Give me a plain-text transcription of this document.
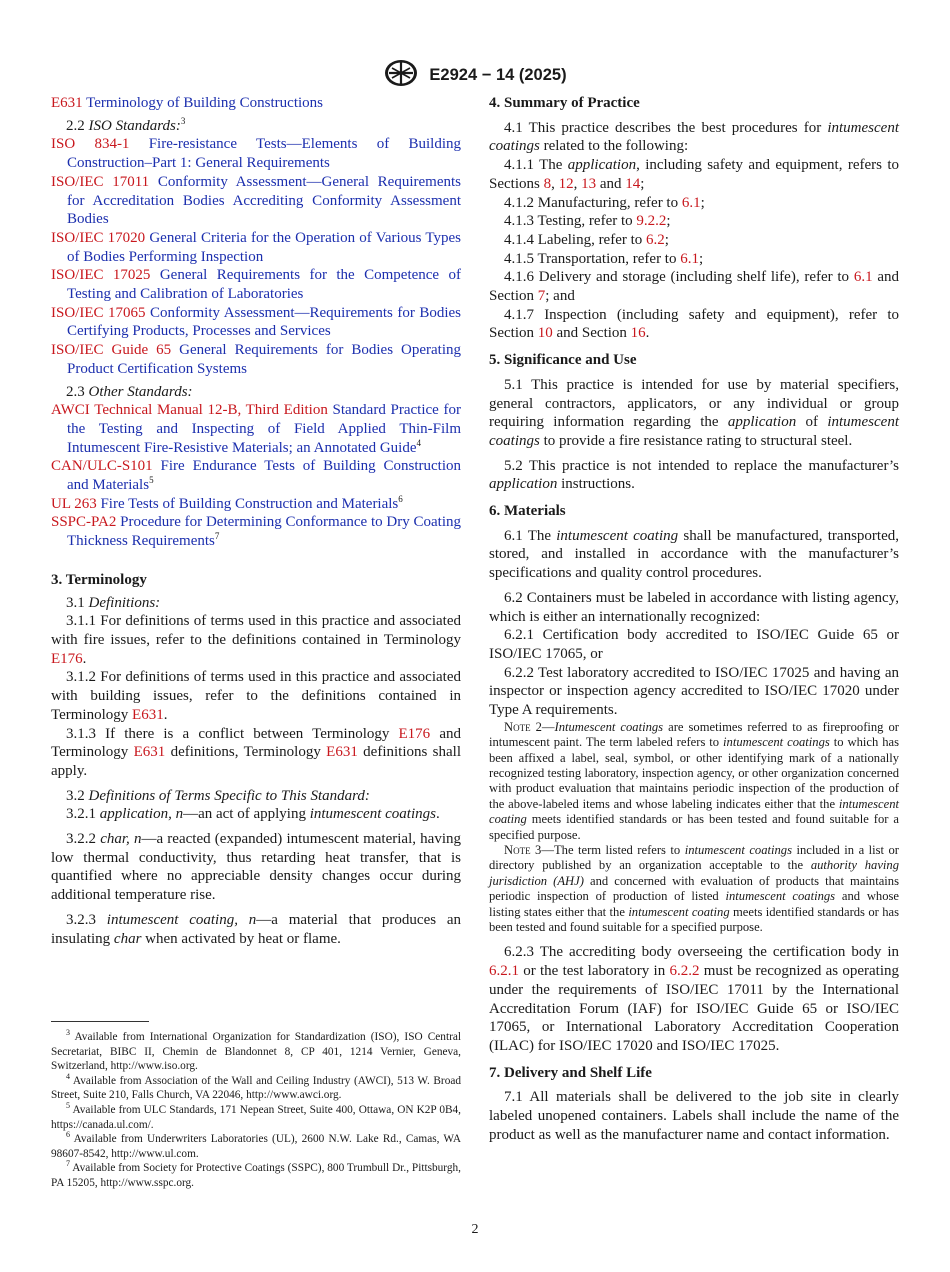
E2924 − 14 (2025)

E631 Terminology of Building Constructions

2.2 ISO Standards:$^3$

ISO 834-1 Fire-resistance Tests—Elements of Building Construction–Part 1: General Requirements

ISO/IEC 17011 Conformity Assessment—General Requirements for Accreditation Bodies Accrediting Conformity Assessment Bodies

ISO/IEC 17020 General Criteria for the Operation of Various Types of Bodies Performing Inspection

ISO/IEC 17025 General Requirements for the Competence of Testing and Calibration of Laboratories

ISO/IEC 17065 Conformity Assessment—Requirements for Bodies Certifying Products, Processes and Services

ISO/IEC Guide 65 General Requirements for Bodies Operating Product Certification Systems

2.3 Other Standards:

AWCI Technical Manual 12-B, Third Edition Standard Practice for the Testing and Inspecting of Field Applied Thin-Film Intumescent Fire-Resistive Materials; an Annotated Guide$^4$

CAN/ULC-S101 Fire Endurance Tests of Building Construction and Materials$^5$

UL 263 Fire Tests of Building Construction and Materials$^6$

SSPC-PA2 Procedure for Determining Conformance to Dry Coating Thickness Requirements$^7$

3. Terminology

3.1 Definitions:

3.1.1 For definitions of terms used in this practice and associated with fire issues, refer to the definitions contained in Terminology E176.

3.1.2 For definitions of terms used in this practice and associated with building issues, refer to the definitions contained in Terminology E631.

3.1.3 If there is a conflict between Terminology E176 and Terminology E631 definitions, Terminology E631 definitions shall apply.

3.2 Definitions of Terms Specific to This Standard:

3.2.1 application, n—an act of applying intumescent coatings.

3.2.2 char, n—a reacted (expanded) intumescent material, having low thermal conductivity, thus retarding heat transfer, that is quantified where no appreciable density changes occur during additional temperature rise.

3.2.3 intumescent coating, n—a material that produces an insulating char when activated by heat or flame.

$^3$ Available from International Organization for Standardization (ISO), ISO Central Secretariat, BIBC II, Chemin de Blandonnet 8, CP 401, 1214 Vernier, Geneva, Switzerland, http://www.iso.org.

$^4$ Available from Association of the Wall and Ceiling Industry (AWCI), 513 W. Broad Street, Suite 210, Falls Church, VA 22046, http://www.awci.org.

$^5$ Available from ULC Standards, 171 Nepean Street, Suite 400, Ottawa, ON K2P 0B4, https://canada.ul.com/.

$^6$ Available from Underwriters Laboratories (UL), 2600 N.W. Lake Rd., Camas, WA 98607-8542, http://www.ul.com.

$^7$ Available from Society for Protective Coatings (SSPC), 800 Trumbull Dr., Pittsburgh, PA 15205, http://www.sspc.org.

4. Summary of Practice

4.1 This practice describes the best procedures for intumescent coatings related to the following:

4.1.1 The application, including safety and equipment, refers to Sections 8, 12, 13 and 14;

4.1.2 Manufacturing, refer to 6.1;

4.1.3 Testing, refer to 9.2.2;

4.1.4 Labeling, refer to 6.2;

4.1.5 Transportation, refer to 6.1;

4.1.6 Delivery and storage (including shelf life), refer to 6.1 and Section 7; and

4.1.7 Inspection (including safety and equipment), refer to Section 10 and Section 16.

5. Significance and Use

5.1 This practice is intended for use by material specifiers, general contractors, applicators, or any individual or group requiring information regarding the application of intumescent coatings to provide a fire resistance rating to structural steel.

5.2 This practice is not intended to replace the manufacturer’s application instructions.

6. Materials

6.1 The intumescent coating shall be manufactured, transported, stored, and installed in accordance with the manufacturer’s specifications and quality control procedures.

6.2 Containers must be labeled in accordance with listing agency, which is either an internationally recognized:

6.2.1 Certification body accredited to ISO/IEC Guide 65 or ISO/IEC 17065, or

6.2.2 Test laboratory accredited to ISO/IEC 17025 and having an inspector or inspection agency accredited to ISO/IEC 17020 under Type A requirements.

Note 2—Intumescent coatings are sometimes referred to as fireproofing or intumescent paint. The term labeled refers to intumescent coatings to which has been affixed a label, seal, symbol, or other identifying mark of a nationally recognized testing laboratory, inspection agency, or other organization concerned with product evaluation that maintains periodic inspection of the production of the above-labeled items and whose labeling indicates either that the intumescent coating meets identified standards or has been tested and found suitable for a specified purpose.

Note 3—The term listed refers to intumescent coatings included in a list or directory published by an organization acceptable to the authority having jurisdiction (AHJ) and concerned with evaluation of products that maintains periodic inspection of production of listed intumescent coatings and whose listing states either that the intumescent coating meets identified standards or has been tested and found suitable for a specified purpose.

6.2.3 The accrediting body overseeing the certification body in 6.2.1 or the test laboratory in 6.2.2 must be recognized as operating under the requirements of ISO/IEC 17011 by the International Accreditation Forum (IAF) for ISO/IEC Guide 65 or ISO/IEC 17065, or International Laboratory Accreditation Cooperation (ILAC) for ISO/IEC 17020 and ISO/IEC 17025.

7. Delivery and Shelf Life

7.1 All materials shall be delivered to the job site in clearly labeled unopened containers. Labels shall include the name of the product as well as the manufacturer name and contact information.

2
